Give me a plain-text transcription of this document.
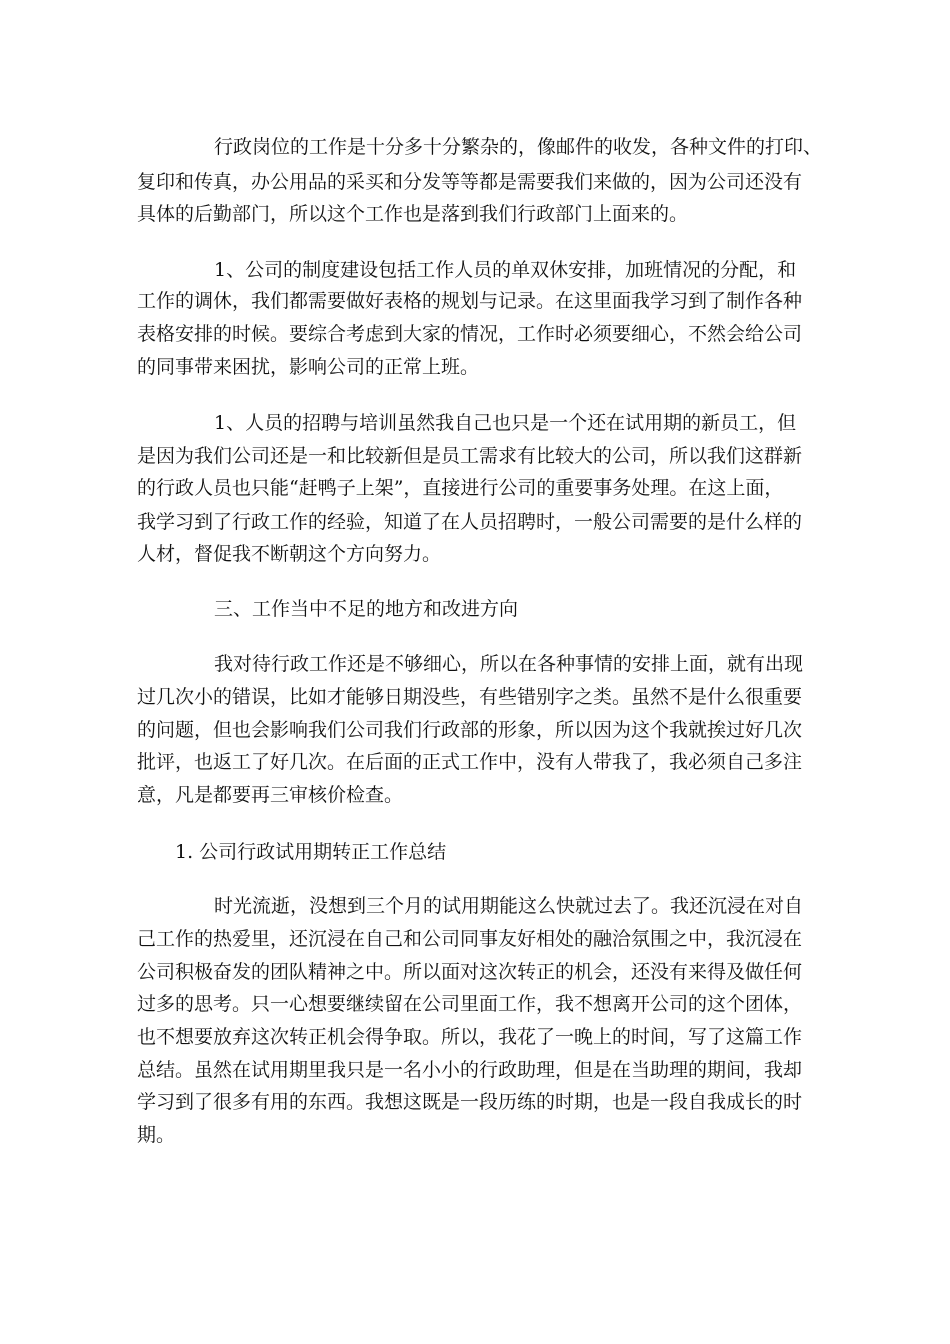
行政岗位的工作是十分多十分繁杂的，像邮件的收发，各种文件的打印、

复印和传真，办公用品的采买和分发等等都是需要我们来做的，因为公司还没有

具体的后勤部门，所以这个工作也是落到我们行政部门上面来的。

1、公司的制度建设包括工作人员的单双休安排，加班情况的分配，和

工作的调休，我们都需要做好表格的规划与记录。在这里面我学习到了制作各种

表格安排的时候。要综合考虑到大家的情况，工作时必须要细心，不然会给公司

的同事带来困扰，影响公司的正常上班。

1、人员的招聘与培训虽然我自己也只是一个还在试用期的新员工，但

是因为我们公司还是一和比较新但是员工需求有比较大的公司，所以我们这群新

的行政人员也只能“赶鸭子上架”，直接进行公司的重要事务处理。在这上面，

我学习到了行政工作的经验，知道了在人员招聘时，一般公司需要的是什么样的

人材，督促我不断朝这个方向努力。

三、工作当中不足的地方和改进方向

我对待行政工作还是不够细心，所以在各种事情的安排上面，就有出现

过几次小的错误，比如才能够日期没些，有些错别字之类。虽然不是什么很重要

的问题，但也会影响我们公司我们行政部的形象，所以因为这个我就挨过好几次

批评，也返工了好几次。在后面的正式工作中，没有人带我了，我必须自己多注

意，凡是都要再三审核价检查。

1. 公司行政试用期转正工作总结

时光流逝，没想到三个月的试用期能这么快就过去了。我还沉浸在对自

己工作的热爱里，还沉浸在自己和公司同事友好相处的融洽氛围之中，我沉浸在

公司积极奋发的团队精神之中。所以面对这次转正的机会，还没有来得及做任何

过多的思考。只一心想要继续留在公司里面工作，我不想离开公司的这个团体，

也不想要放弃这次转正机会得争取。所以，我花了一晚上的时间，写了这篇工作

总结。虽然在试用期里我只是一名小小的行政助理，但是在当助理的期间，我却

学习到了很多有用的东西。我想这既是一段历练的时期，也是一段自我成长的时

期。
